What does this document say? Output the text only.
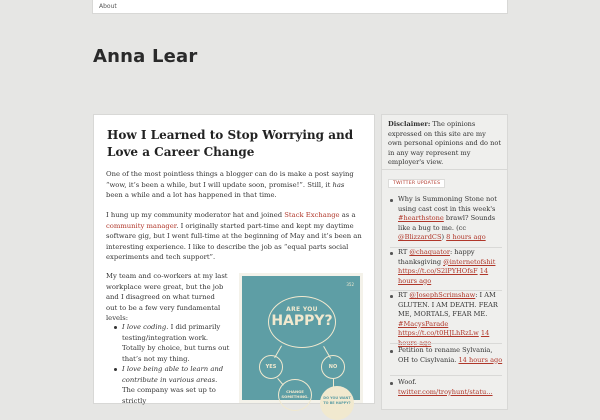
About
Anna Lear
How I Learned to Stop Worrying and Love a Career Change
One of the most pointless things a blogger can do is make a post saying “wow, it’s been a while, but I will update soon, promise!”. Still, it has been a while and a lot has happened in that time.
I hung up my community moderator hat and joined Stack Exchange as a community manager. I originally started part-time and kept my daytime software gig, but I went full-time at the beginning of May and it’s been an interesting experience. I like to describe the job as “equal parts social experiments and tech support”.
My team and co-workers at my last workplace were great, but the job and I disagreed on what turned out to be a few very fundamental levels:
I love coding. I did primarily testing/integration work. Totally by choice, but turns out that’s not my thing.
I love being able to learn and contribute in various areas. The company was set up to strictly
352
ARE YOU
HAPPY?
YES	NO
CHANGE SOMETHING.	DO YOU WANT TO BE HAPPY?
Disclaimer: The opinions expressed on this site are my own personal opinions and do not in any way represent my employer's view.
TWITTER UPDATES
Why is Summoning Stone not using cast cost in this week's #hearthstone brawl? Sounds like a bug to me. (cc @BlizzardCS) 8 hours ago
RT @chaquator: happy thanksgiving @internetofshit https://t.co/S2lPYHOfsF 14 hours ago
RT @JosephScrimshaw: I AM GLUTEN. I AM DEATH. FEAR ME, MORTALS, FEAR ME. #MacysParade https://t.co/t0HJLhRzLw 14
Petition to rename Sylvania, OH to Cisylvania. 14 hours ago
Woof. twitter.com/troyhunt/statu...
